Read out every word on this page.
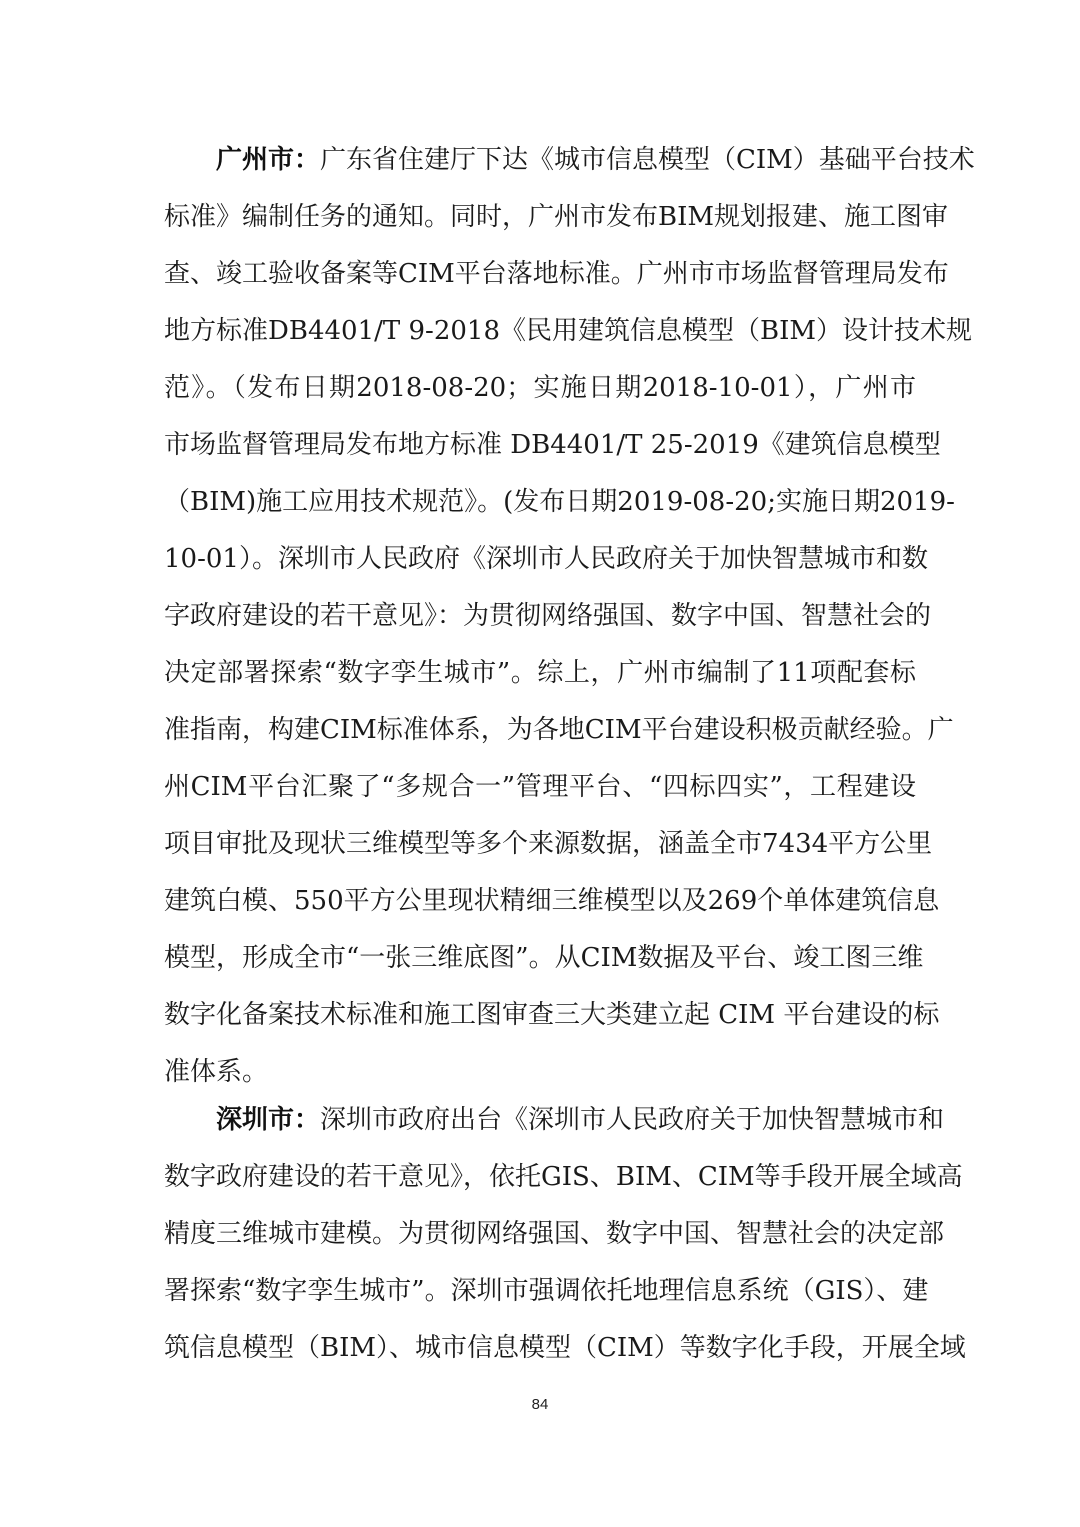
广州市：广东省住建厅下达《城市信息模型（CIM）基础平台技术
标准》编制任务的通知。同时，广州市发布BIM规划报建、施工图审
查、竣工验收备案等CIM平台落地标准。广州市市场监督管理局发布
地方标准DB4401/T 9-2018《民用建筑信息模型（BIM）设计技术规
范》。（发布日期2018-08-20；实施日期2018-10-01），广州市
市场监督管理局发布地方标准 DB4401/T 25-2019《建筑信息模型
（BIM)施工应用技术规范》。(发布日期2019-08-20;实施日期2019-
10-01）。深圳市人民政府《深圳市人民政府关于加快智慧城市和数
字政府建设的若干意见》：为贯彻网络强国、数字中国、智慧社会的
决定部署探索“数字孪生城市”。综上，广州市编制了11项配套标
准指南，构建CIM标准体系，为各地CIM平台建设积极贡献经验。广
州CIM平台汇聚了“多规合一”管理平台、“四标四实”，工程建设
项目审批及现状三维模型等多个来源数据，涵盖全市7434平方公里
建筑白模、550平方公里现状精细三维模型以及269个单体建筑信息
模型，形成全市“一张三维底图”。从CIM数据及平台、竣工图三维
数字化备案技术标准和施工图审查三大类建立起 CIM 平台建设的标
准体系。
深圳市：深圳市政府出台《深圳市人民政府关于加快智慧城市和
数字政府建设的若干意见》，依托GIS、BIM、CIM等手段开展全域高
精度三维城市建模。为贯彻网络强国、数字中国、智慧社会的决定部
署探索“数字孪生城市”。深圳市强调依托地理信息系统（GIS）、建
筑信息模型（BIM）、城市信息模型（CIM）等数字化手段，开展全域
84
